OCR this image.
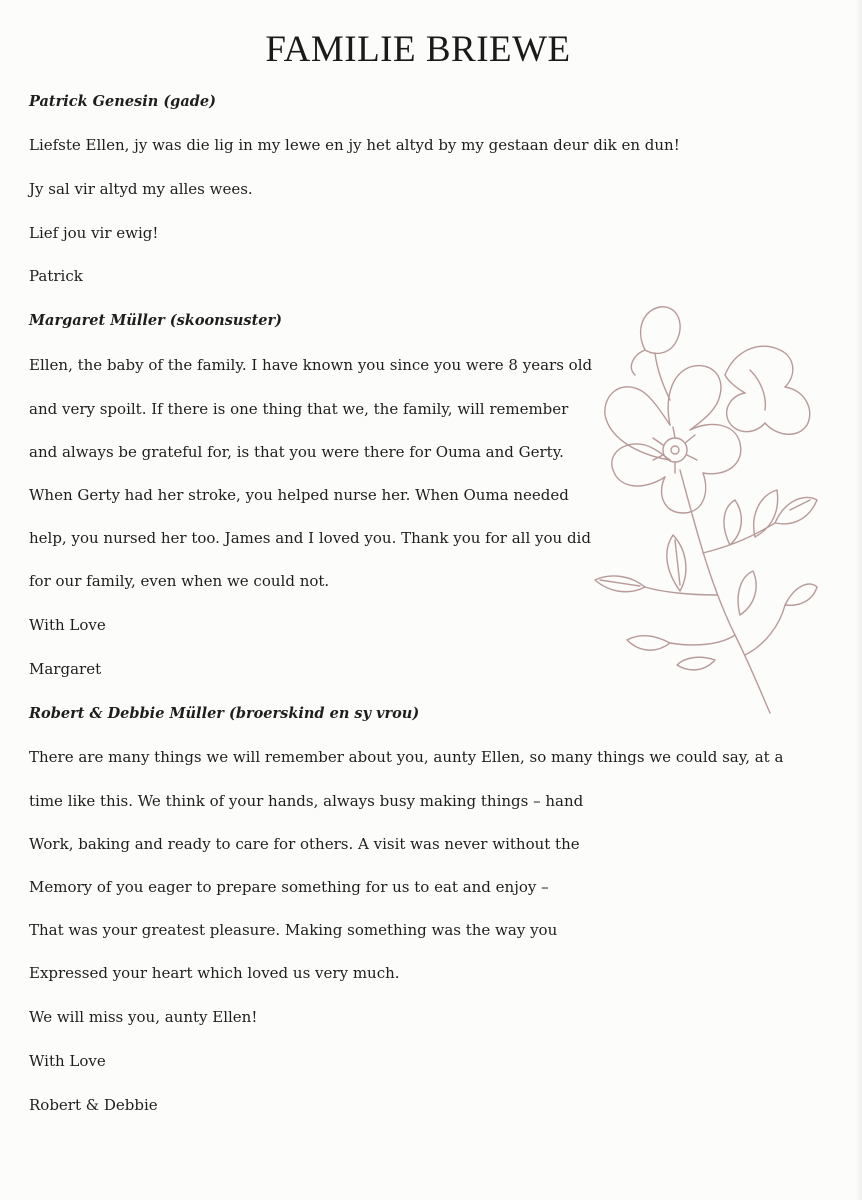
FAMILIE BRIEWE
Patrick Genesin (gade)
Liefste Ellen, jy was die lig in my lewe en jy het altyd by my gestaan deur dik en dun!
Jy sal vir altyd my alles wees.
Lief jou vir ewig!
Patrick
Margaret Müller (skoonsuster)
Ellen, the baby of the family. I have known you since you were 8 years old
and very spoilt. If there is one thing that we, the family, will remember
and always be grateful for, is that you were there for Ouma and Gerty.
When Gerty had her stroke, you helped nurse her. When Ouma needed
help, you nursed her too. James and I loved you. Thank you for all you did
for our family, even when we could not.
With Love
Margaret
Robert & Debbie Müller (broerskind en sy vrou)
There are many things we will remember about you, aunty Ellen, so many things we could say, at a
time like this. We think of your hands, always busy making things – hand
Work, baking and ready to care for others. A visit was never without the
Memory of you eager to prepare something for us to eat and enjoy –
That was your greatest pleasure. Making something was the way you
Expressed your heart which loved us very much.
We will miss you, aunty Ellen!
With Love
Robert & Debbie
